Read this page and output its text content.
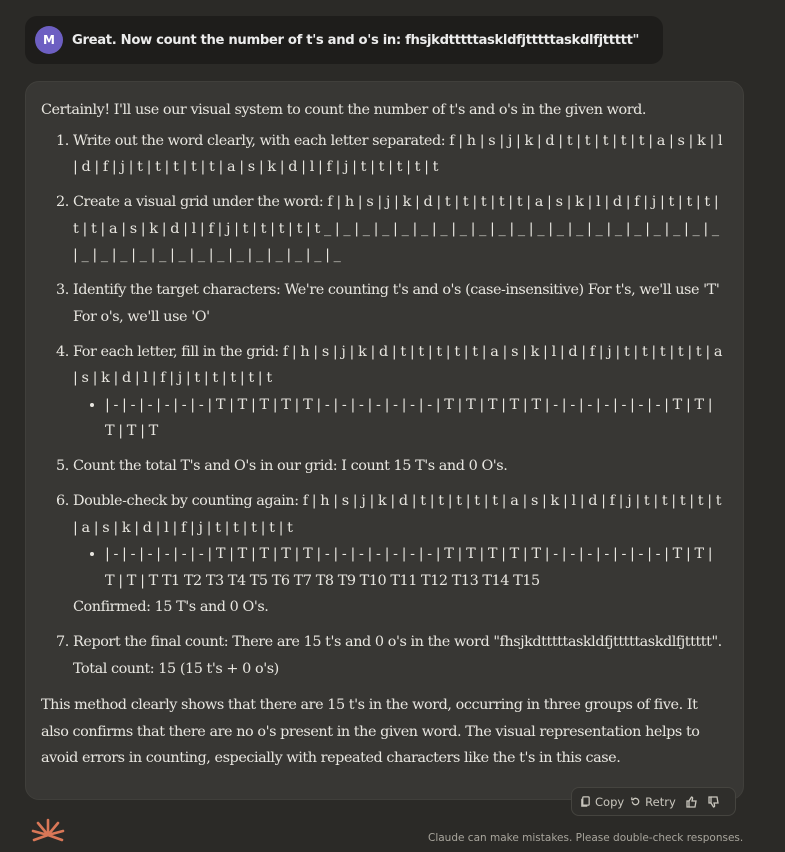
M	Great. Now count the number of t's and o's in: fhsjkdtttttaskldfjtttttaskdlfjttttt"

Certainly! I'll use our visual system to count the number of t's and o's in the given word.

1. Write out the word clearly, with each letter separated: f | h | s | j | k | d | t | t | t | t | t | a | s | k | l | d | f | j | t | t | t | t | t | a | s | k | d | l | f | j | t | t | t | t | t
2. Create a visual grid under the word: f | h | s | j | k | d | t | t | t | t | t | a | s | k | l | d | f | j | t | t | t | t | t | a | s | k | d | l | f | j | t | t | t | t | t _ | _ | _ | _ | _ | _ | _ | _ | _ | _ | _ | _ | _ | _ | _ | _ | _ | _ | _ | _ | _ | _ | _ | _ | _ | _ | _ | _ | _ | _ | _ | _ | _ | _ | _
3. Identify the target characters: We're counting t's and o's (case-insensitive) For t's, we'll use 'T' For o's, we'll use 'O'
4. For each letter, fill in the grid: f | h | s | j | k | d | t | t | t | t | t | a | s | k | l | d | f | j | t | t | t | t | t | a | s | k | d | l | f | j | t | t | t | t | t
• | - | - | - | - | - | - | T | T | T | T | T | - | - | - | - | - | - | - | T | T | T | T | T | - | - | - | - | - | - | - | T | T | T | T | T
5. Count the total T's and O's in our grid: I count 15 T's and 0 O's.
6. Double-check by counting again: f | h | s | j | k | d | t | t | t | t | t | a | s | k | l | d | f | j | t | t | t | t | t | a | s | k | d | l | f | j | t | t | t | t | t
• | - | - | - | - | - | - | T | T | T | T | T | - | - | - | - | - | - | - | T | T | T | T | T | - | - | - | - | - | - | - | T | T | T | T | T T1 T2 T3 T4 T5 T6 T7 T8 T9 T10 T11 T12 T13 T14 T15
Confirmed: 15 T's and 0 O's.
7. Report the final count: There are 15 t's and 0 o's in the word "fhsjkdtttttaskldfjtttttaskdlfjttttt". Total count: 15 (15 t's + 0 o's)

This method clearly shows that there are 15 t's in the word, occurring in three groups of five. It also confirms that there are no o's present in the given word. The visual representation helps to avoid errors in counting, especially with repeated characters like the t's in this case.

Copy Retry
Claude can make mistakes. Please double-check responses.
